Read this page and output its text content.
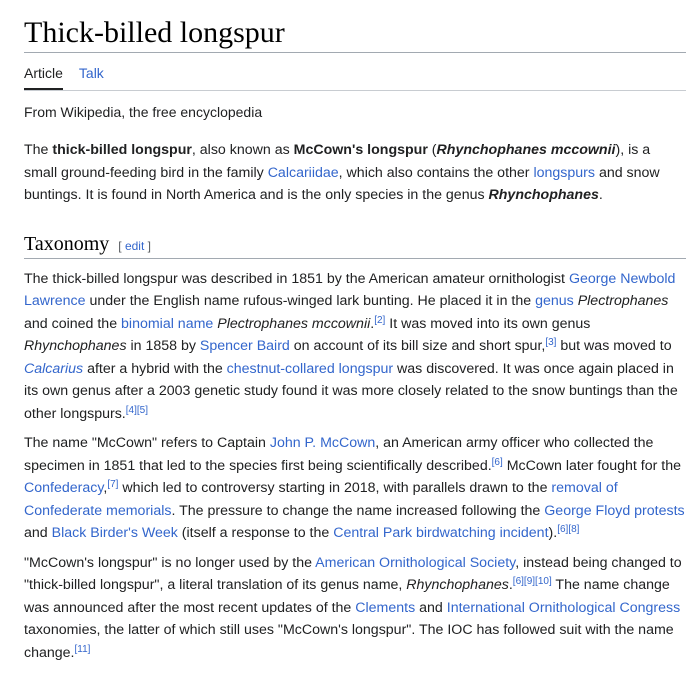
Thick-billed longspur
Article Talk
From Wikipedia, the free encyclopedia

The thick-billed longspur, also known as McCown's longspur (Rhynchophanes mccownii), is a small ground-feeding bird in the family Calcariidae, which also contains the other longspurs and snow buntings. It is found in North America and is the only species in the genus Rhynchophanes.

Taxonomy [ edit ]

The thick-billed longspur was described in 1851 by the American amateur ornithologist George Newbold Lawrence under the English name rufous-winged lark bunting. He placed it in the genus Plectrophanes and coined the binomial name Plectrophanes mccownii.[2] It was moved into its own genus Rhynchophanes in 1858 by Spencer Baird on account of its bill size and short spur,[3] but was moved to Calcarius after a hybrid with the chestnut-collared longspur was discovered. It was once again placed in its own genus after a 2003 genetic study found it was more closely related to the snow buntings than the other longspurs.[4][5]

The name "McCown" refers to Captain John P. McCown, an American army officer who collected the specimen in 1851 that led to the species first being scientifically described.[6] McCown later fought for the Confederacy,[7] which led to controversy starting in 2018, with parallels drawn to the removal of Confederate memorials. The pressure to change the name increased following the George Floyd protests and Black Birder's Week (itself a response to the Central Park birdwatching incident).[6][8]

"McCown's longspur" is no longer used by the American Ornithological Society, instead being changed to "thick-billed longspur", a literal translation of its genus name, Rhynchophanes.[6][9][10] The name change was announced after the most recent updates of the Clements and International Ornithological Congress taxonomies, the latter of which still uses "McCown's longspur". The IOC has followed suit with the name change.[11]
